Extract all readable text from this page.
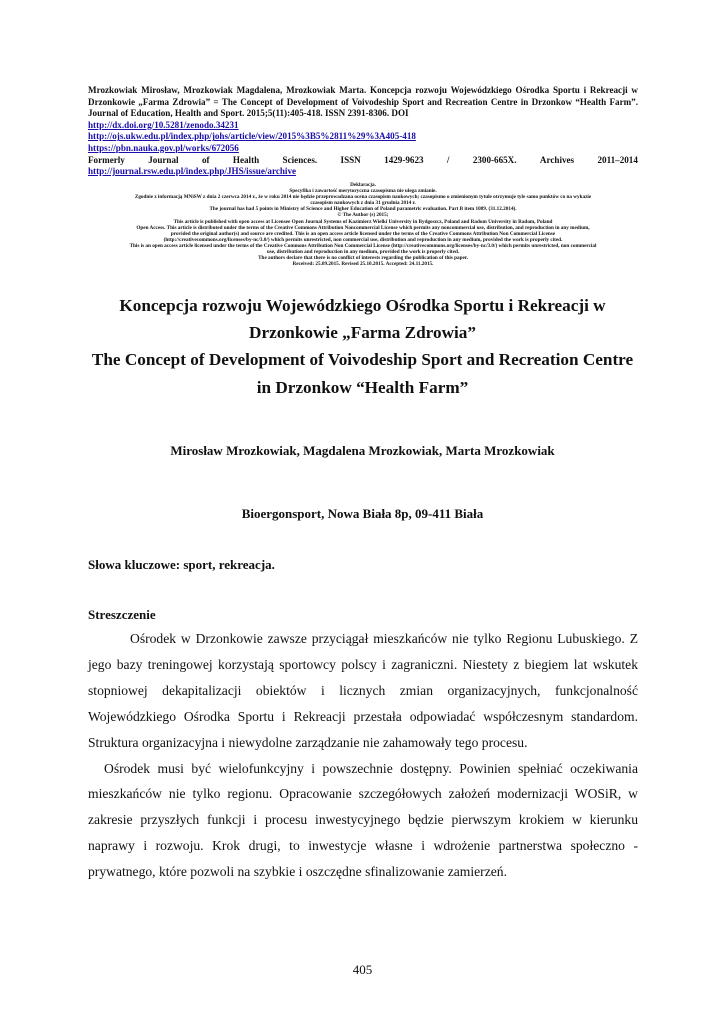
Mrozkowiak Mirosław, Mrozkowiak Magdalena, Mrozkowiak Marta. Koncepcja rozwoju Wojewódzkiego Ośrodka Sportu i Rekreacji w Drzonkowie „Farma Zdrowia” = The Concept of Development of Voivodeship Sport and Recreation Centre in Drzonkow “Health Farm”. Journal of Education, Health and Sport. 2015;5(11):405-418. ISSN 2391-8306. DOI

http://dx.doi.org/10.5281/zenodo.34231
http://ojs.ukw.edu.pl/index.php/johs/article/view/2015%3B5%2811%29%3A405-418
https://pbn.nauka.gov.pl/works/672056
Formerly	Journal	of	Health	Sciences.	ISSN	1429-9623	/	2300-665X.	Archives	2011–2014
http://journal.rsw.edu.pl/index.php/JHS/issue/archive
Deklaracja.
Specyfika i zawartość merytoryczna czasopisma nie ulega zmianie.
Zgodnie z informacją MNiSW z dnia 2 czerwca 2014 r., że w roku 2014 nie będzie przeprowadzana ocena czasopism naukowych; czasopismo o zmienionym tytule otrzymuje tyle samo punktów co na wykazie
czasopism naukowych z dnia 31 grudnia 2014 r.
The journal has had 5 points in Ministry of Science and Higher Education of Poland parametric evaluation. Part B item 1089. (31.12.2014).
© The Author (s) 2015;
This article is published with open access at Licensee Open Journal Systems of Kazimierz Wielki University in Bydgoszcz, Poland and Radom University in Radom, Poland
Open Access. This article is distributed under the terms of the Creative Commons Attribution Noncommercial License which permits any noncommercial use, distribution, and reproduction in any medium,
provided the original author(s) and source are credited. This is an open access article licensed under the terms of the Creative Commons Attribution Non Commercial License
(http://creativecommons.org/licenses/by-nc/3.0/) which permits unrestricted, non commercial use, distribution and reproduction in any medium, provided the work is properly cited.
This is an open access article licensed under the terms of the Creative Commons Attribution Non Commercial License (http://creativecommons.org/licenses/by-nc/3.0/) which permits unrestricted, non commercial
use, distribution and reproduction in any medium, provided the work is properly cited.
The authors declare that there is no conflict of interests regarding the publication of this paper.
Received: 25.09.2015. Revised 25.10.2015. Accepted: 24.11.2015.
Koncepcja rozwoju Wojewódzkiego Ośrodka Sportu i Rekreacji w
Drzonkowie „Farma Zdrowia”
The Concept of Development of Voivodeship Sport and Recreation Centre
in Drzonkow “Health Farm”
Mirosław Mrozkowiak, Magdalena Mrozkowiak, Marta Mrozkowiak
Bioergonsport, Nowa Biała 8p, 09-411 Biała
Słowa kluczowe: sport, rekreacja.
Streszczenie

Ośrodek w Drzonkowie zawsze przyciągał mieszkańców nie tylko Regionu Lubuskiego. Z jego bazy treningowej korzystają sportowcy polscy i zagraniczni. Niestety z biegiem lat wskutek stopniowej dekapitalizacji obiektów i licznych zmian organizacyjnych, funkcjonalność Wojewódzkiego Ośrodka Sportu i Rekreacji przestała odpowiadać współczesnym standardom. Struktura organizacyjna i niewydolne zarządzanie nie zahamowały tego procesu.

Ośrodek musi być wielofunkcyjny i powszechnie dostępny. Powinien spełniać oczekiwania mieszkańców nie tylko regionu. Opracowanie szczegółowych założeń modernizacji WOSiR, w zakresie przyszłych funkcji i procesu inwestycyjnego będzie pierwszym krokiem w kierunku naprawy i rozwoju. Krok drugi, to inwestycje własne i wdrożenie partnerstwa społeczno - prywatnego, które pozwoli na szybkie i oszczędne sfinalizowanie zamierzeń.

405
